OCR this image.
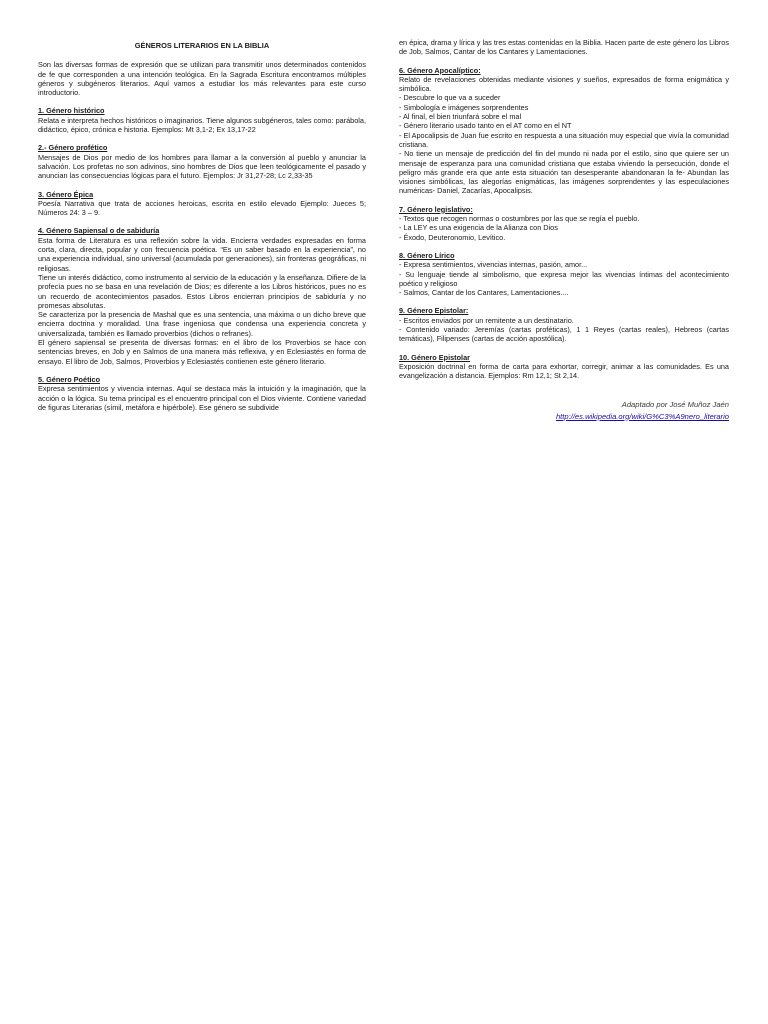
GÉNEROS LITERARIOS EN LA BIBLIA

Son las diversas formas de expresión que se utilizan para transmitir unos determinados contenidos de fe que corresponden a una intención teológica. En la Sagrada Escritura encontramos múltiples géneros y subgéneros literarios. Aquí vamos a estudiar los más relevantes para este curso introductorio.

1. Género histórico

Relata e interpreta hechos históricos o imaginarios. Tiene algunos subgéneros, tales como: parábola, didáctico, épico, crónica e historia. Ejemplos: Mt 3,1-2; Ex 13,17-22

2.- Género profético

Mensajes de Dios por medio de los hombres para llamar a la conversión al pueblo y anunciar la salvación. Los profetas no son adivinos, sino hombres de Dios que leen teológicamente el pasado y anuncian las consecuencias lógicas para el futuro. Ejemplos: Jr 31,27-28; Lc 2,33-35

3. Género Épica

Poesía Narrativa que trata de acciones heroicas, escrita en estilo elevado Ejemplo: Jueces 5; Números 24: 3 – 9.

4. Género Sapiensal o de sabiduría

Esta forma de Literatura es una reflexión sobre la vida. Encierra verdades expresadas en forma corta, clara, directa, popular y con frecuencia poética. “Es un saber basado en la experiencia”, no una experiencia individual, sino universal (acumulada por generaciones), sin fronteras geográficas, ni religiosas.

Tiene un interés didáctico, como instrumento al servicio de la educación y la enseñanza. Difiere de la profecía pues no se basa en una revelación de Dios; es diferente a los Libros históricos, pues no es un recuerdo de acontecimientos pasados. Estos Libros encierran principios de sabiduría y no promesas absolutas.

Se caracteriza por la presencia de Mashal que es una sentencia, una máxima o un dicho breve que encierra doctrina y moralidad. Una frase ingeniosa que condensa una experiencia concreta y universalizada, también es llamado proverbios (dichos o refranes).

El género sapiensal se presenta de diversas formas: en el libro de los Proverbios se hace con sentencias breves, en Job y en Salmos de una manera más reflexiva, y en Eclesiastés en forma de ensayo. El libro de Job, Salmos, Proverbios y Eclesiastés contienen este género literario.

5. Género Poético

Expresa sentimientos y vivencia internas. Aquí se destaca más la intuición y la imaginación, que la acción o la lógica. Su tema principal es el encuentro principal con el Dios viviente. Contiene variedad de figuras Literarias (símil, metáfora e hipérbole). Ese género se subdivide

en épica, drama y lírica y las tres estas contenidas en la Biblia. Hacen parte de este género los Libros de Job, Salmos, Cantar de los Cantares y Lamentaciones.

6. Género Apocalíptico:

Relato de revelaciones obtenidas mediante visiones y sueños, expresados de forma enigmática y simbólica.

- Descubre lo que va a suceder

- Simbología e imágenes sorprendentes

- Al final, el bien triunfará sobre el mal

- Género literario usado tanto en el AT como en el NT

- El Apocalipsis de Juan fue escrito en respuesta a una situación muy especial que vivía la comunidad cristiana.

- No tiene un mensaje de predicción del fin del mundo ni nada por el estilo, sino que quiere ser un mensaje de esperanza para una comunidad cristiana que estaba viviendo la persecución, donde el peligro más grande era que ante esta situación tan desesperante abandonaran la fe- Abundan las visiones simbólicas, las alegorías enigmáticas, las imágenes sorprendentes y las especulaciones numéricas- Daniel, Zacarías, Apocalipsis.

7. Género legislativo:

- Textos que recogen normas o costumbres por las que se regía el pueblo.

- La LEY es una exigencia de la Alianza con Dios

- Éxodo, Deuteronomio, Levítico.

8. Género Lírico

- Expresa sentimientos, vivencias internas, pasión, amor...

- Su lenguaje tiende al simbolismo, que expresa mejor las vivencias íntimas del acontecimiento poético y religioso

- Salmos, Cantar de los Cantares, Lamentaciones....

9. Género Epistolar:

- Escritos enviados por un remitente a un destinatario.

- Contenido variado: Jeremías (cartas proféticas), 1 1 Reyes (cartas reales), Hebreos (cartas temáticas), Filipenses (cartas de acción apostólica).

10. Género Epistolar

Exposición doctrinal en forma de carta para exhortar, corregir, animar a las comunidades. Es una evangelización a distancia. Ejemplos: Rm 12,1; St 2,14.

Adaptado por José Muñoz Jaén
http://es.wikipedia.org/wiki/G%C3%A9nero_literario
